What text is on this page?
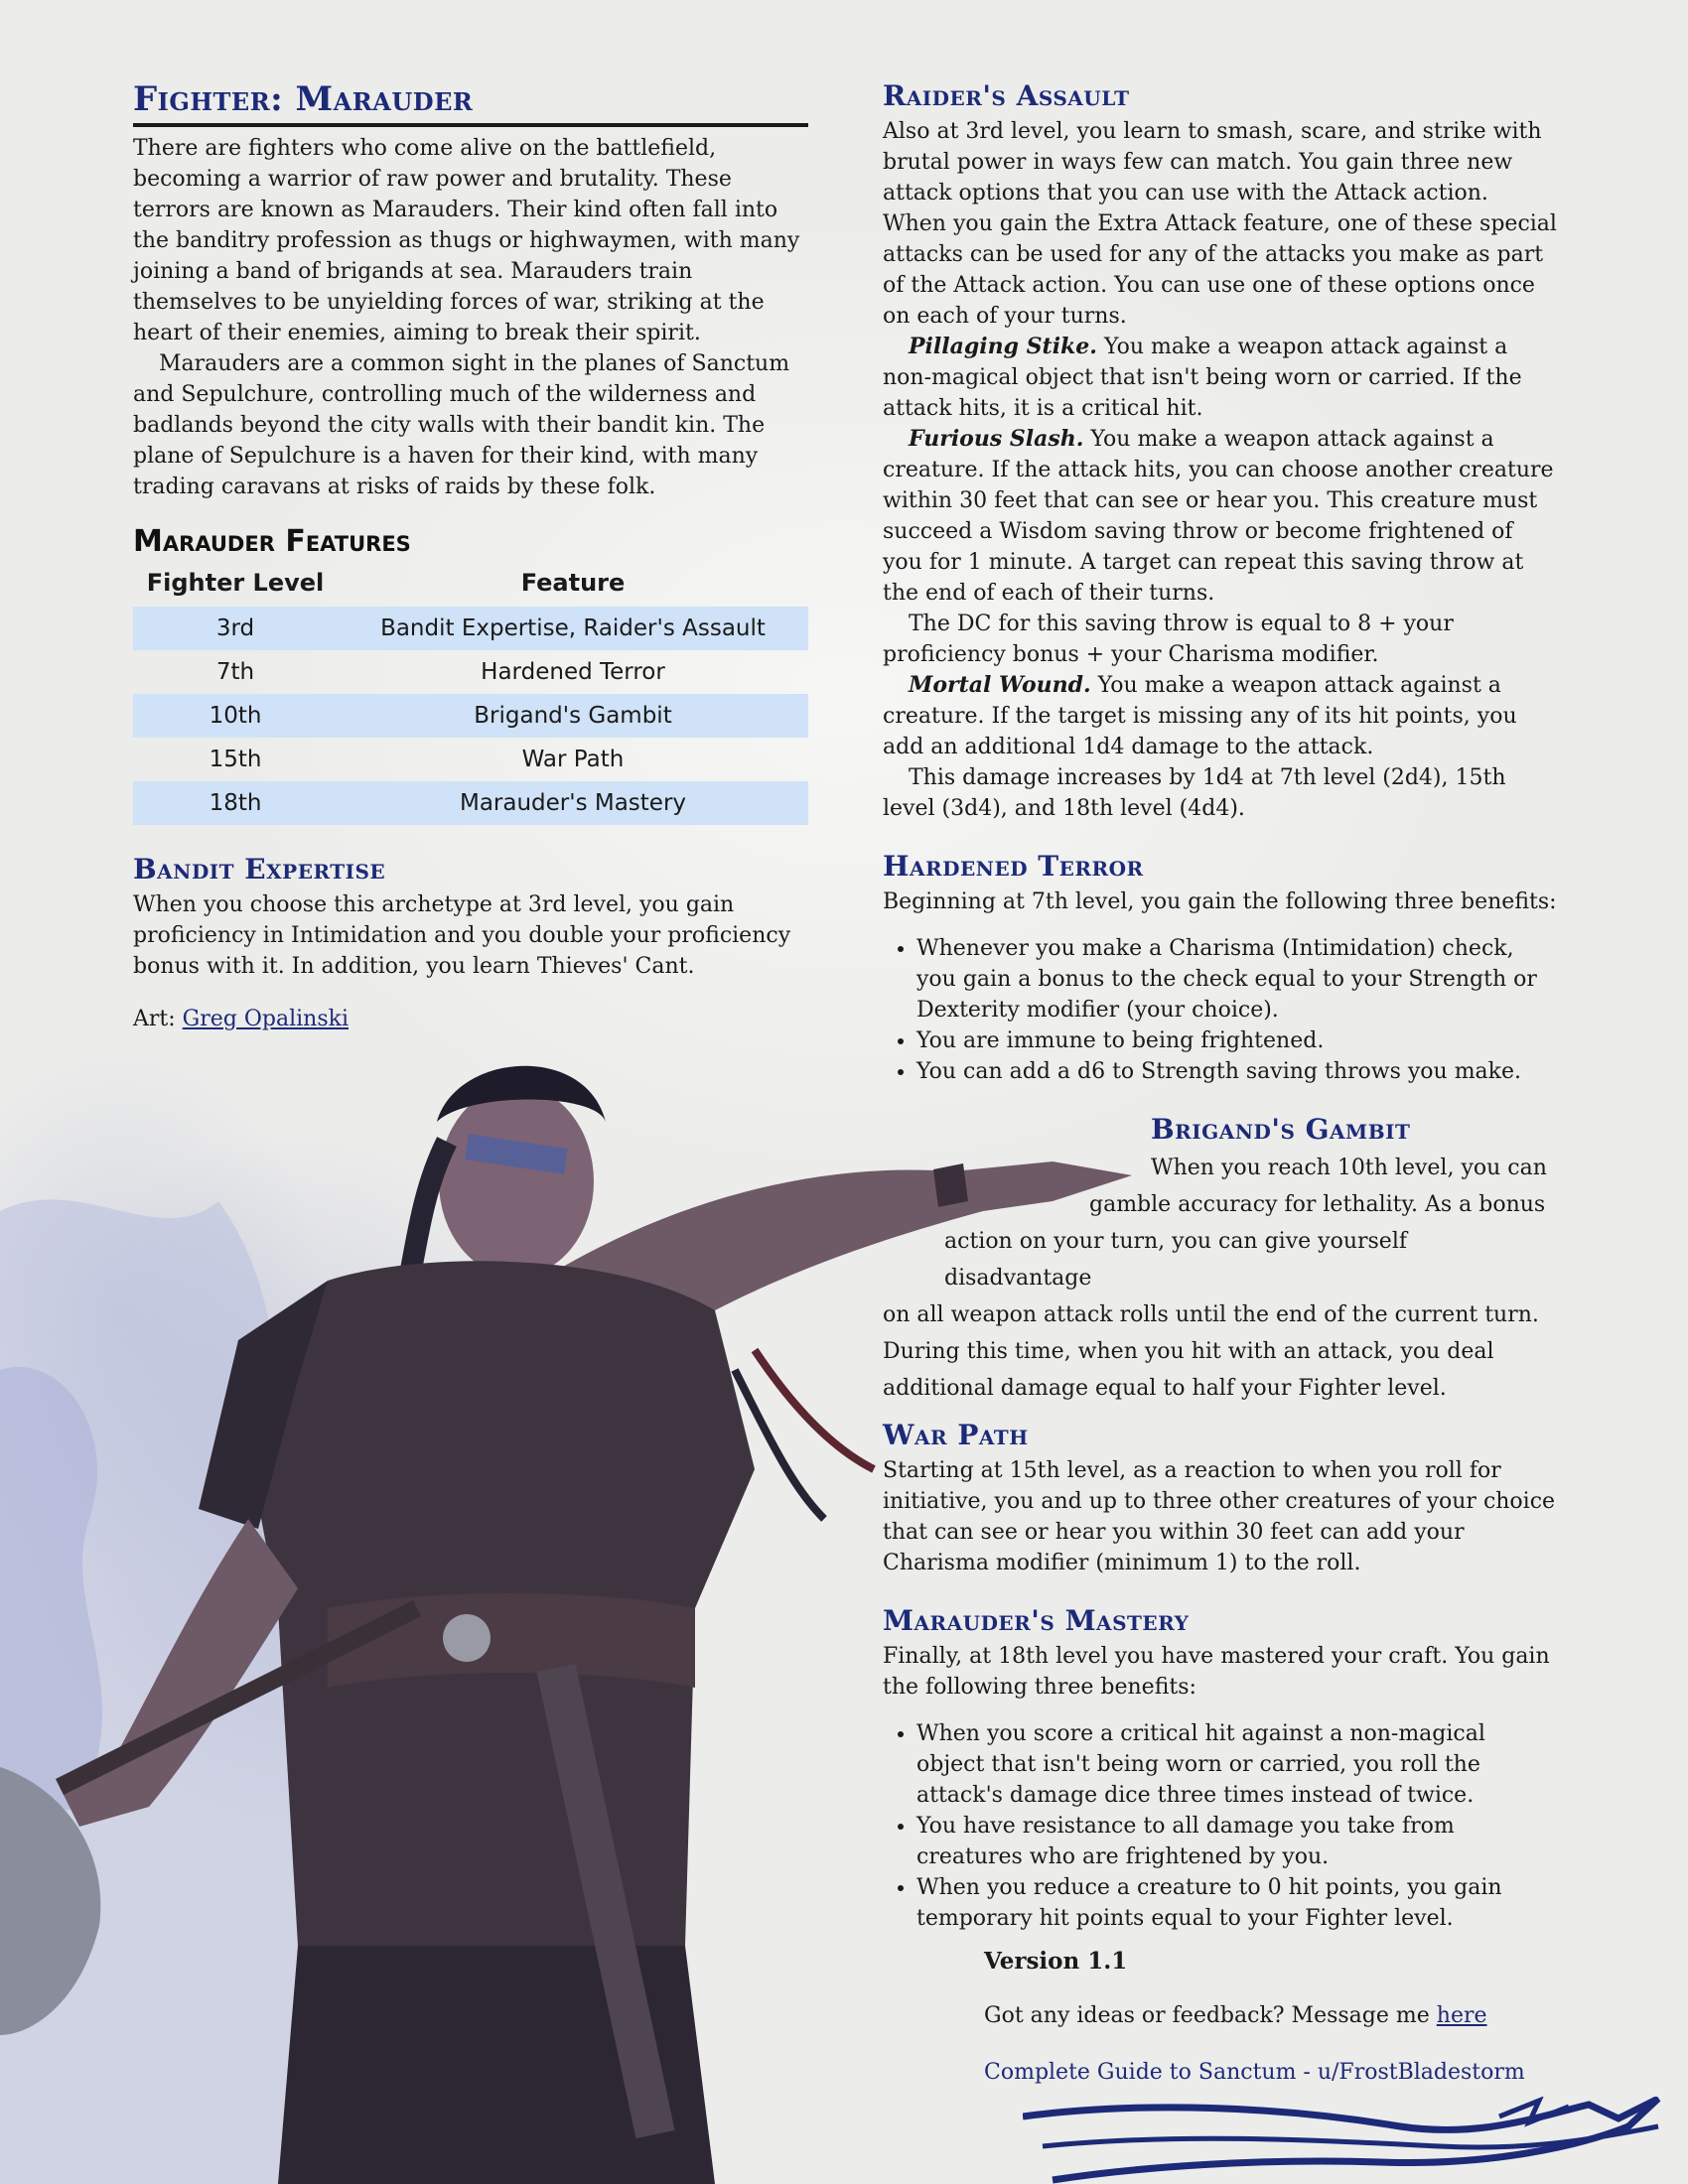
Fighter: Marauder

There are fighters who come alive on the battlefield, becoming a warrior of raw power and brutality. These terrors are known as Marauders. Their kind often fall into the banditry profession as thugs or highwaymen, with many joining a band of brigands at sea. Marauders train themselves to be unyielding forces of war, striking at the heart of their enemies, aiming to break their spirit.

Marauders are a common sight in the planes of Sanctum and Sepulchure, controlling much of the wilderness and badlands beyond the city walls with their bandit kin. The plane of Sepulchure is a haven for their kind, with many trading caravans at risks of raids by these folk.

Marauder Features
Fighter Level	Feature
3rd	Bandit Expertise, Raider's Assault
7th	Hardened Terror
10th	Brigand's Gambit
15th	War Path
18th	Marauder's Mastery
Bandit Expertise

When you choose this archetype at 3rd level, you gain proficiency in Intimidation and you double your proficiency bonus with it. In addition, you learn Thieves' Cant.

Art: Greg Opalinski

Raider's Assault

Also at 3rd level, you learn to smash, scare, and strike with brutal power in ways few can match. You gain three new attack options that you can use with the Attack action. When you gain the Extra Attack feature, one of these special attacks can be used for any of the attacks you make as part of the Attack action. You can use one of these options once on each of your turns.

Pillaging Stike. You make a weapon attack against a non-magical object that isn't being worn or carried. If the attack hits, it is a critical hit.

Furious Slash. You make a weapon attack against a creature. If the attack hits, you can choose another creature within 30 feet that can see or hear you. This creature must succeed a Wisdom saving throw or become frightened of you for 1 minute. A target can repeat this saving throw at the end of each of their turns.

The DC for this saving throw is equal to 8 + your proficiency bonus + your Charisma modifier.

Mortal Wound. You make a weapon attack against a creature. If the target is missing any of its hit points, you add an additional 1d4 damage to the attack.

This damage increases by 1d4 at 7th level (2d4), 15th level (3d4), and 18th level (4d4).

Hardened Terror

Beginning at 7th level, you gain the following three benefits:

• Whenever you make a Charisma (Intimidation) check, you gain a bonus to the check equal to your Strength or Dexterity modifier (your choice).
• You are immune to being frightened.
• You can add a d6 to Strength saving throws you make.
Brigand's Gambit

When you reach 10th level, you can

gamble accuracy for lethality. As a bonus

action on your turn, you can give yourself disadvantage

on all weapon attack rolls until the end of the current turn.

During this time, when you hit with an attack, you deal

additional damage equal to half your Fighter level.

War Path

Starting at 15th level, as a reaction to when you roll for initiative, you and up to three other creatures of your choice that can see or hear you within 30 feet can add your Charisma modifier (minimum 1) to the roll.

Marauder's Mastery

Finally, at 18th level you have mastered your craft. You gain the following three benefits:

• When you score a critical hit against a non-magical object that isn't being worn or carried, you roll the attack's damage dice three times instead of twice.
• You have resistance to all damage you take from creatures who are frightened by you.
• When you reduce a creature to 0 hit points, you gain temporary hit points equal to your Fighter level.

Version 1.1

Got any ideas or feedback? Message me here

Complete Guide to Sanctum - u/FrostBladestorm
